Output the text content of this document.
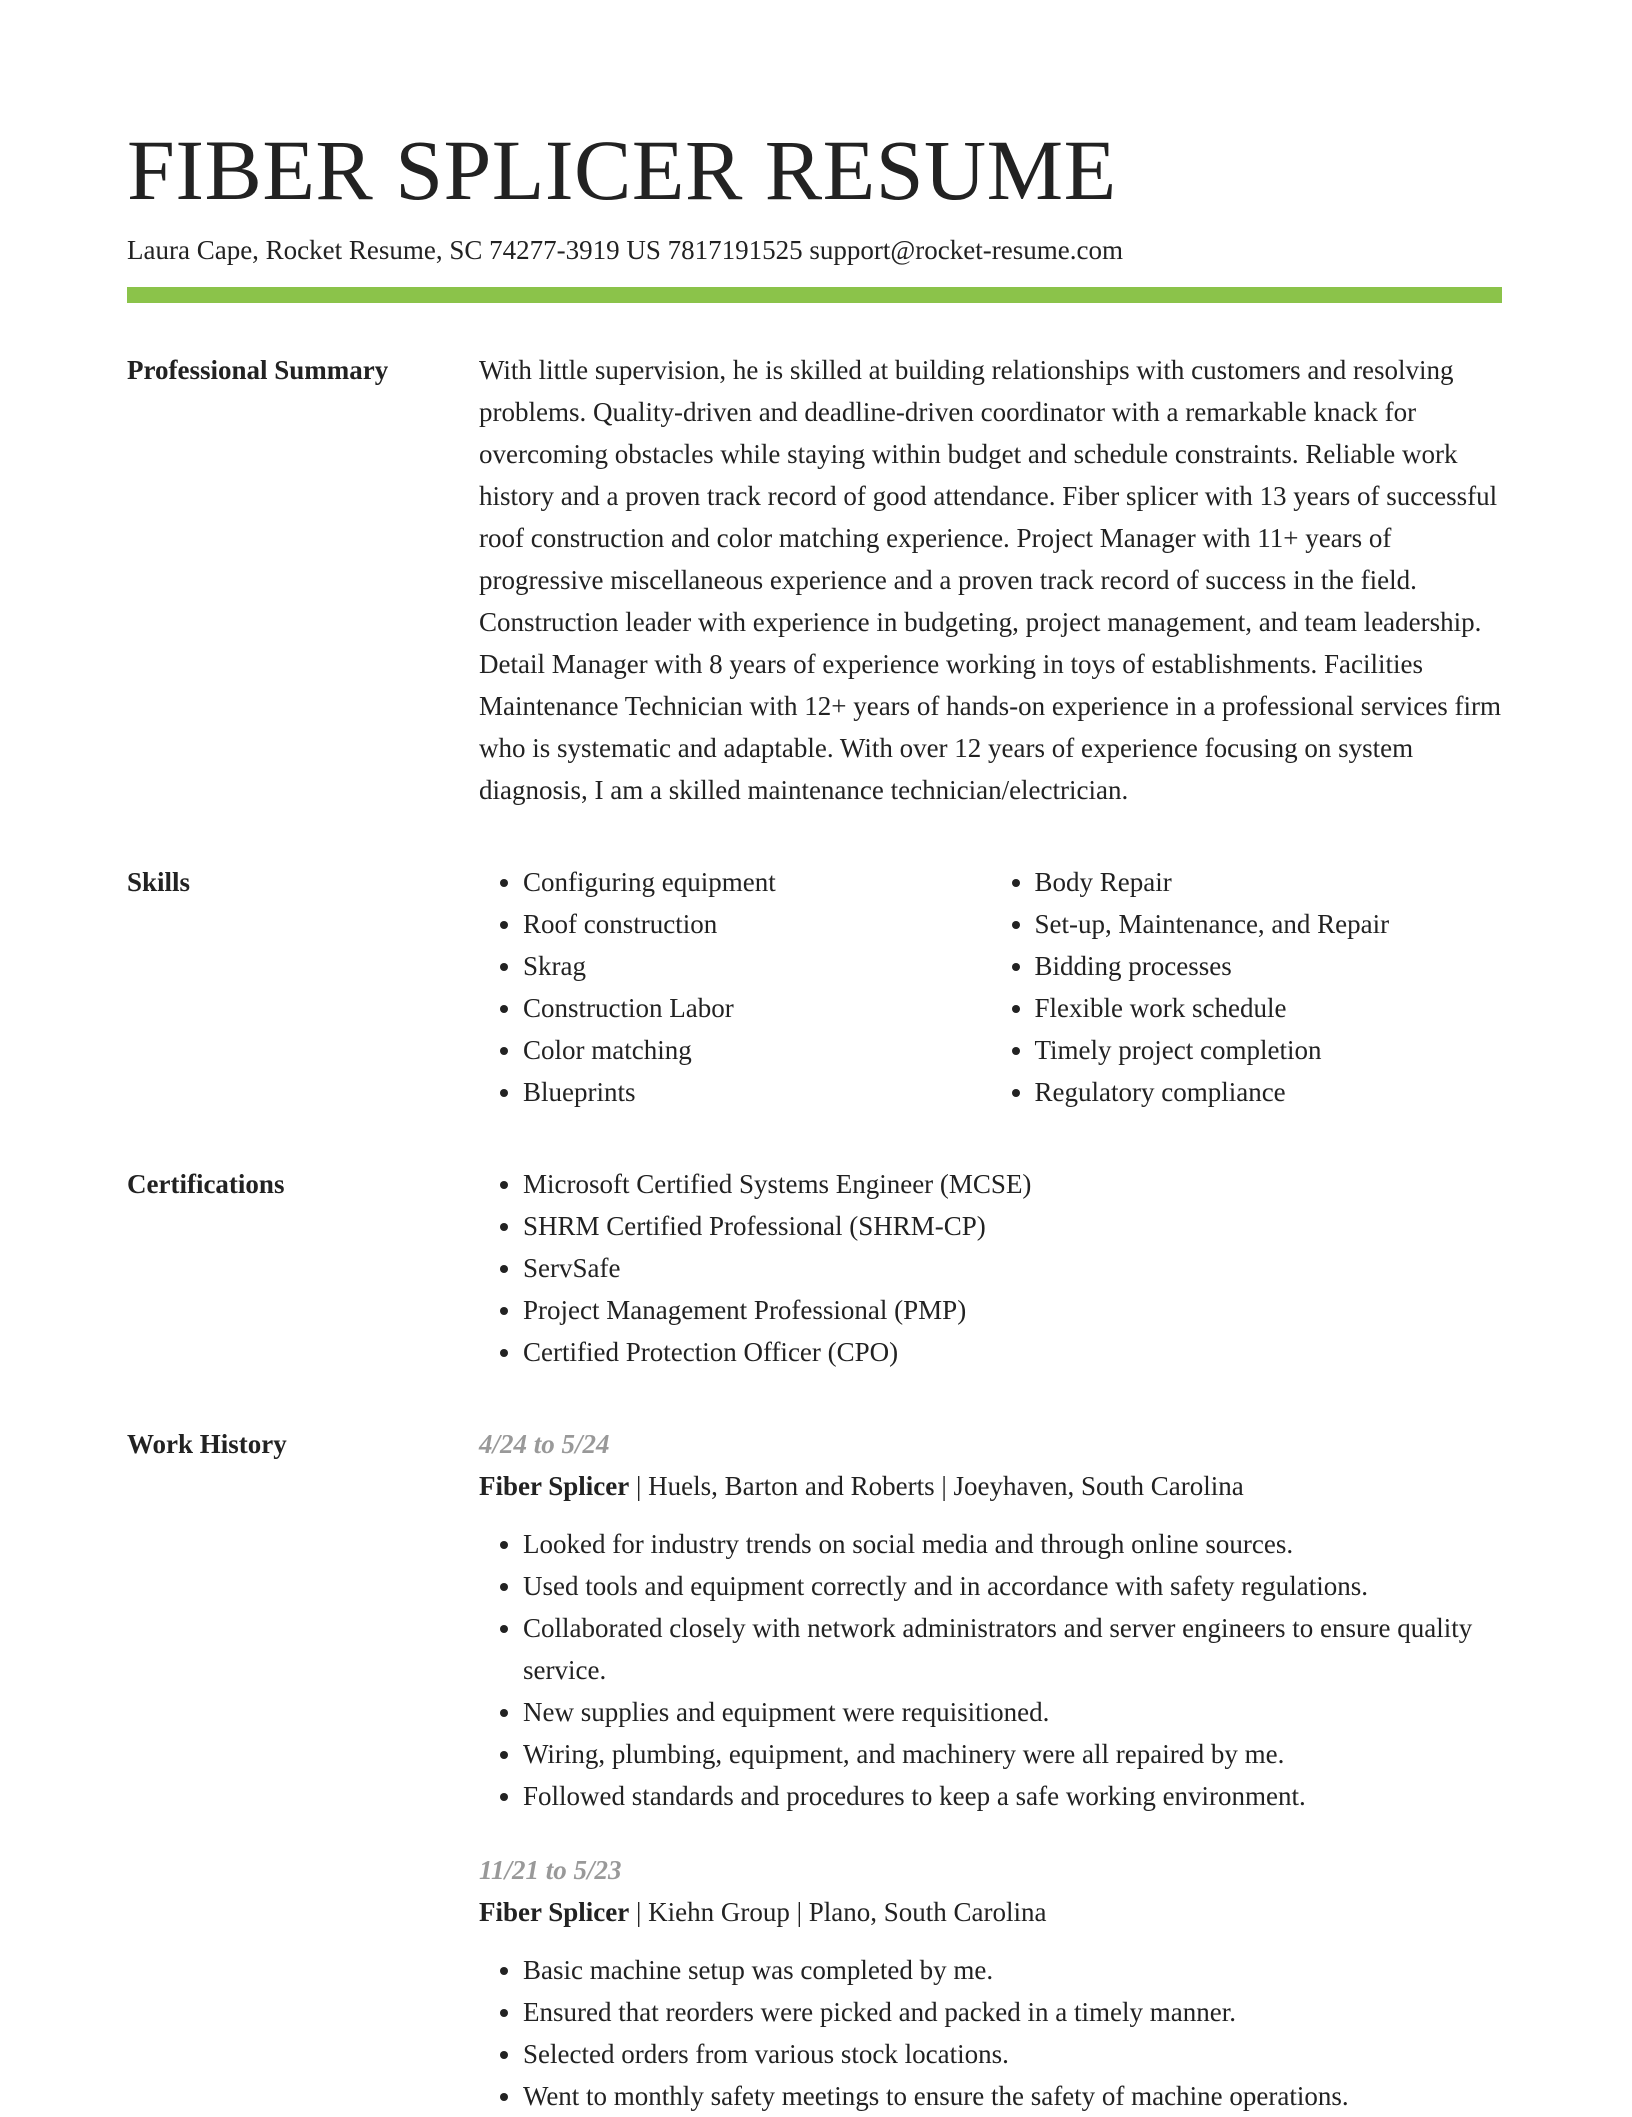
FIBER SPLICER RESUME
Laura Cape, Rocket Resume, SC 74277-3919 US 7817191525 support@rocket-resume.com
Professional Summary	With little supervision, he is skilled at building relationships with customers and resolving problems. Quality-driven and deadline-driven coordinator with a remarkable knack for overcoming obstacles while staying within budget and schedule constraints. Reliable work history and a proven track record of good attendance. Fiber splicer with 13 years of successful roof construction and color matching experience. Project Manager with 11+ years of progressive miscellaneous experience and a proven track record of success in the field. Construction leader with experience in budgeting, project management, and team leadership. Detail Manager with 8 years of experience working in toys of establishments. Facilities Maintenance Technician with 12+ years of hands-on experience in a professional services firm who is systematic and adaptable. With over 12 years of experience focusing on system diagnosis, I am a skilled maintenance technician/electrician.

Skills	• Configuring equipment
• Roof construction
• Skrag
• Construction Labor
• Color matching
• Blueprints
• Body Repair
• Set-up, Maintenance, and Repair
• Bidding processes
• Flexible work schedule
• Timely project completion
• Regulatory compliance
Certifications	• Microsoft Certified Systems Engineer (MCSE)
• SHRM Certified Professional (SHRM-CP)
• ServSafe
• Project Management Professional (PMP)
• Certified Protection Officer (CPO)
Work History	4/24 to 5/24
Fiber Splicer | Huels, Barton and Roberts | Joeyhaven, South Carolina
• Looked for industry trends on social media and through online sources.
• Used tools and equipment correctly and in accordance with safety regulations.
• Collaborated closely with network administrators and server engineers to ensure quality service.
• New supplies and equipment were requisitioned.
• Wiring, plumbing, equipment, and machinery were all repaired by me.
• Followed standards and procedures to keep a safe working environment.
11/21 to 5/23
Fiber Splicer | Kiehn Group | Plano, South Carolina
• Basic machine setup was completed by me.
• Ensured that reorders were picked and packed in a timely manner.
• Selected orders from various stock locations.
• Went to monthly safety meetings to ensure the safety of machine operations.
